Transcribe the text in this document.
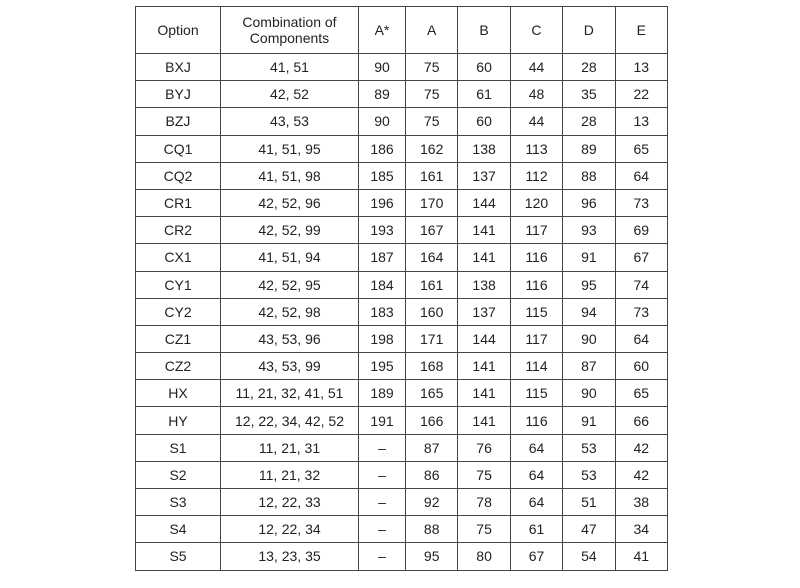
Option	Combination of Components	A*	A	B	C	D	E
BXJ	41, 51	90	75	60	44	28	13
BYJ	42, 52	89	75	61	48	35	22
BZJ	43, 53	90	75	60	44	28	13
CQ1	41, 51, 95	186	162	138	113	89	65
CQ2	41, 51, 98	185	161	137	112	88	64
CR1	42, 52, 96	196	170	144	120	96	73
CR2	42, 52, 99	193	167	141	117	93	69
CX1	41, 51, 94	187	164	141	116	91	67
CY1	42, 52, 95	184	161	138	116	95	74
CY2	42, 52, 98	183	160	137	115	94	73
CZ1	43, 53, 96	198	171	144	117	90	64
CZ2	43, 53, 99	195	168	141	114	87	60
HX	11, 21, 32, 41, 51	189	165	141	115	90	65
HY	12, 22, 34, 42, 52	191	166	141	116	91	66
S1	11, 21, 31	–	87	76	64	53	42
S2	11, 21, 32	–	86	75	64	53	42
S3	12, 22, 33	–	92	78	64	51	38
S4	12, 22, 34	–	88	75	61	47	34
S5	13, 23, 35	–	95	80	67	54	41
